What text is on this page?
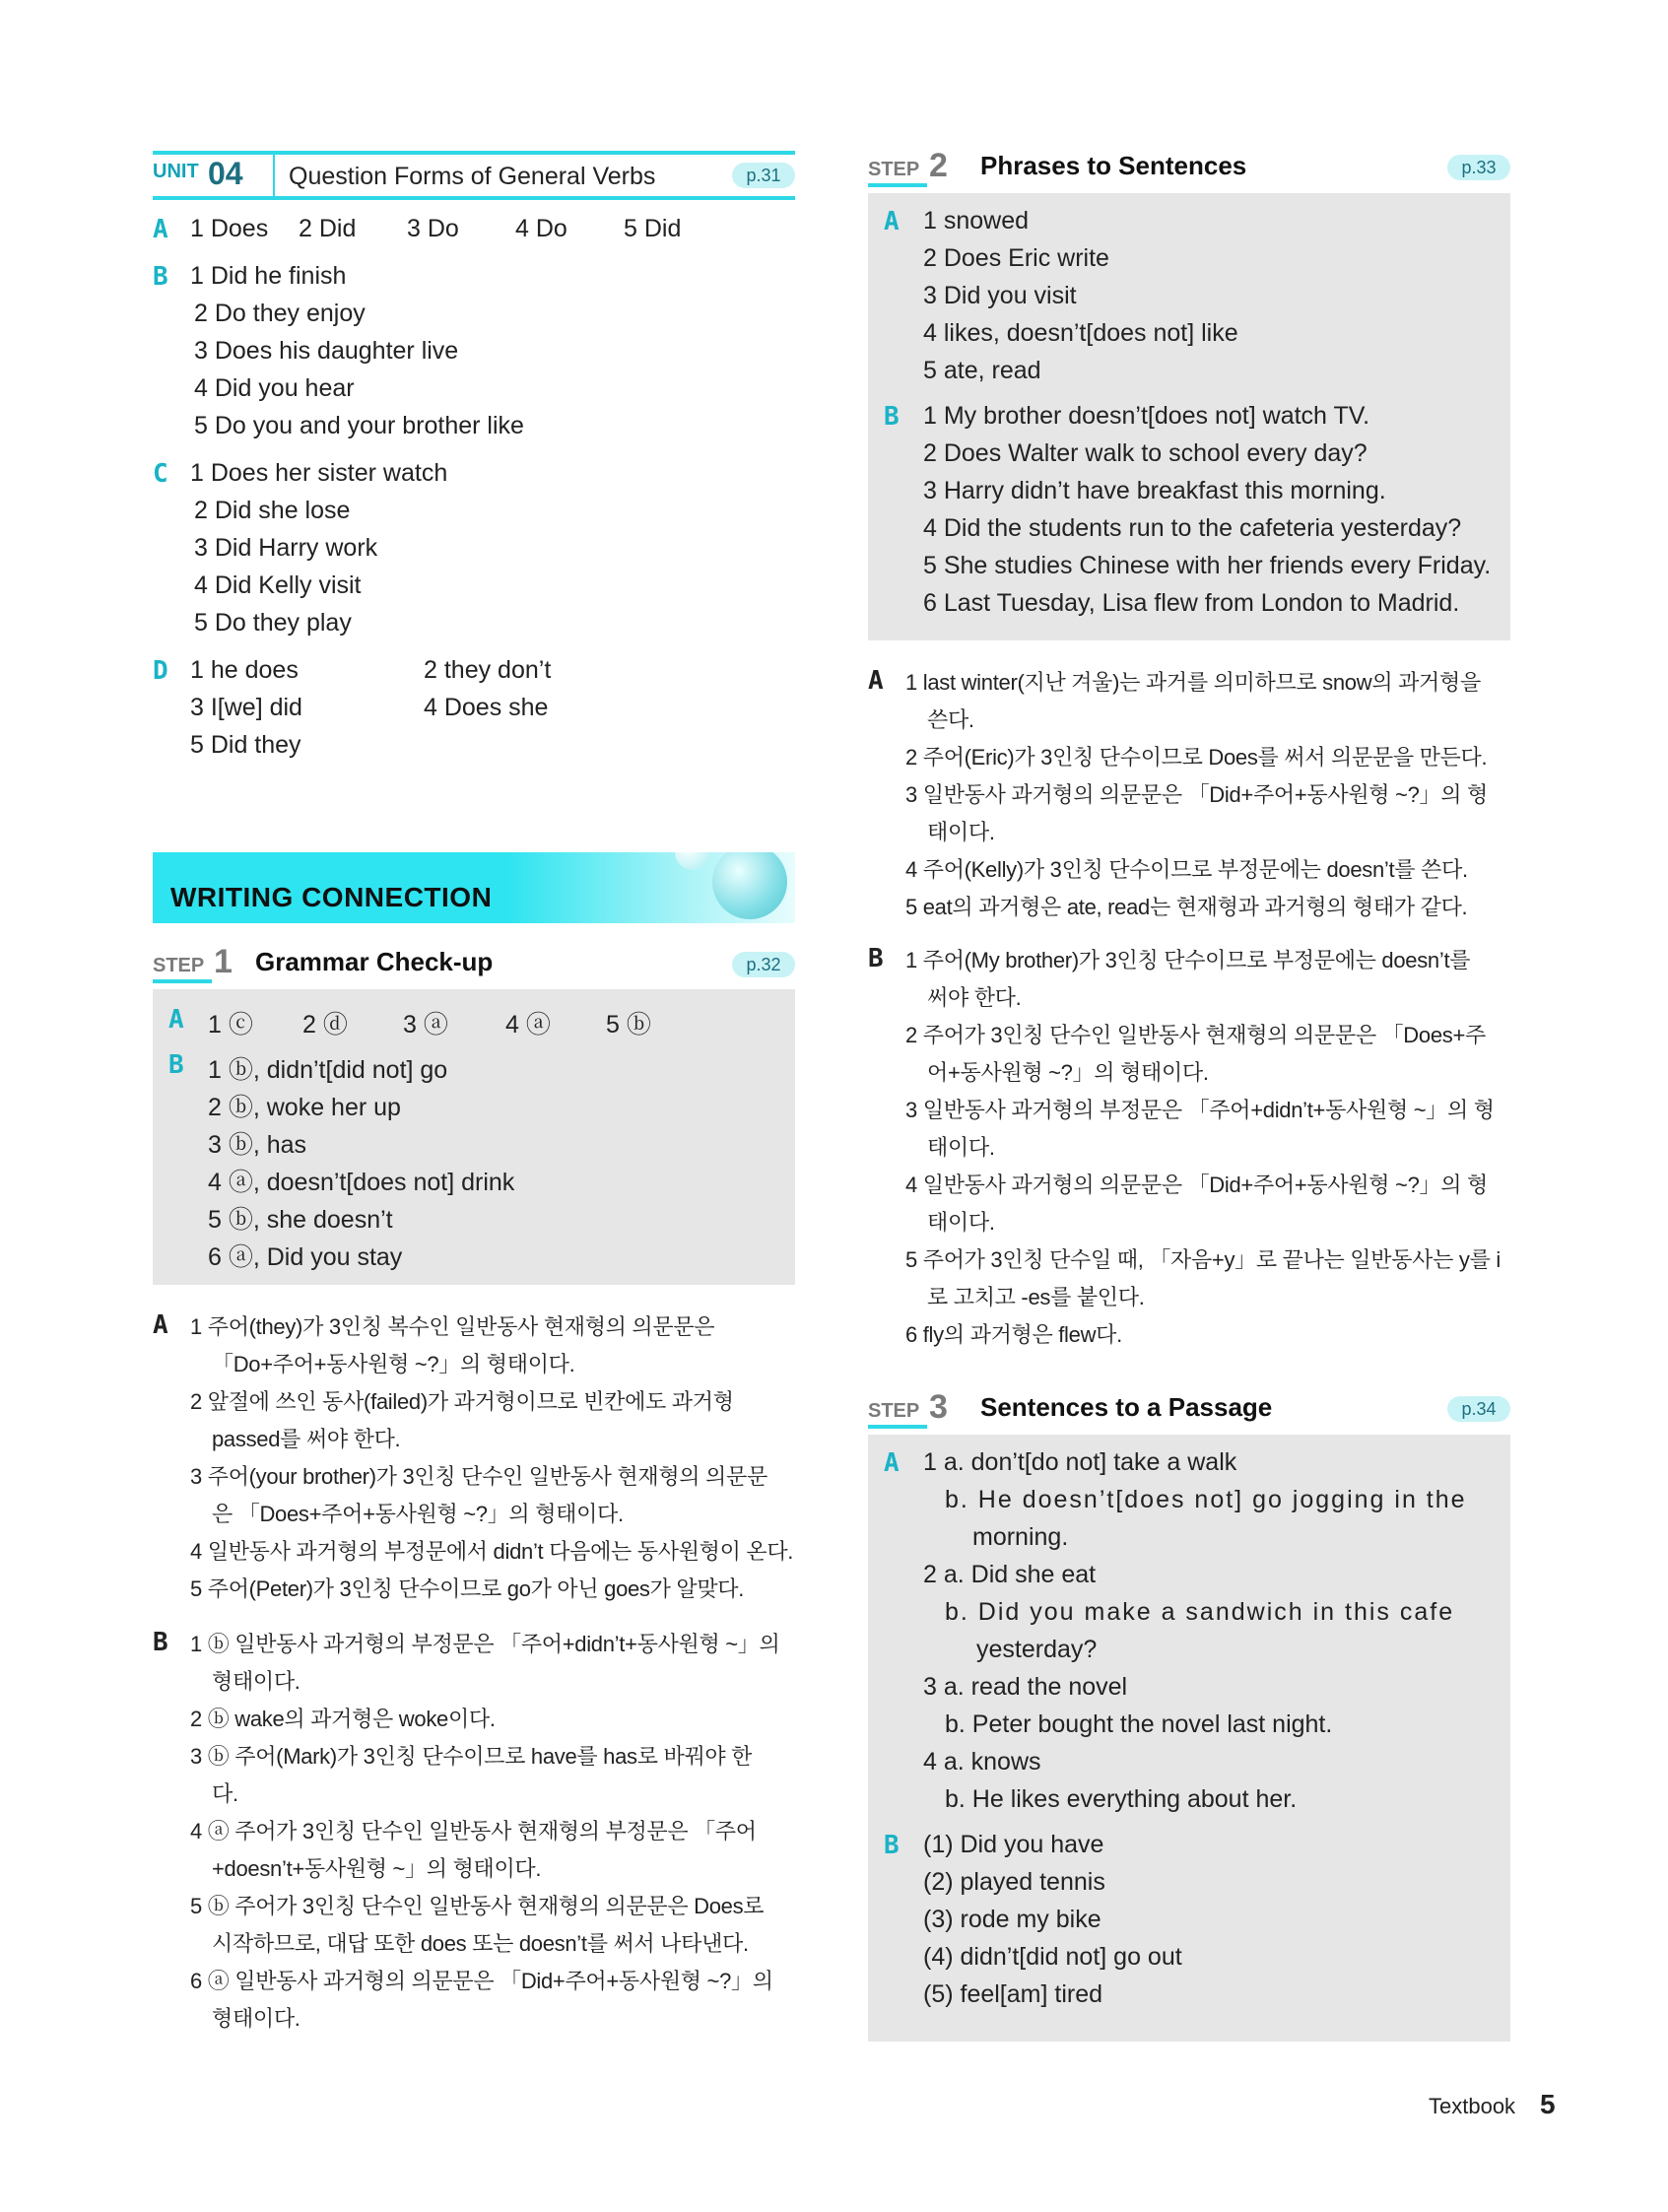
UNIT 04 Question Forms of General Verbs	p.31
A 1 Does 2 Did 3 Do 4 Do 5 Did
B 1 Did he finish
2 Do they enjoy
3 Does his daughter live
4 Did you hear
5 Do you and your brother like
C 1 Does her sister watch
2 Did she lose
3 Did Harry work
4 Did Kelly visit
5 Do they play
D 1 he does	2 they don’t
3 I[we] did	4 Does she
5 Did they
WRITING CONNECTION
STEP 1 Grammar Check-up	p.32
A 1 ⓒ 2 ⓓ 3 ⓐ 4 ⓐ 5 ⓑ
B 1 ⓑ, didn’t[did not] go
2 ⓑ, woke her up
3 ⓑ, has
4 ⓐ, doesn’t[does not] drink
5 ⓑ, she doesn’t
6 ⓐ, Did you stay
A 1 주어(they)가 3인칭 복수인 일반동사 현재형의 의문문은
「Do+주어+동사원형 ~?」의 형태이다.
2 앞절에 쓰인 동사(failed)가 과거형이므로 빈칸에도 과거형
passed를 써야 한다.
3 주어(your brother)가 3인칭 단수인 일반동사 현재형의 의문문
은 「Does+주어+동사원형 ~?」의 형태이다.
4 일반동사 과거형의 부정문에서 didn’t 다음에는 동사원형이 온다.
5 주어(Peter)가 3인칭 단수이므로 go가 아닌 goes가 알맞다.
B 1 ⓑ 일반동사 과거형의 부정문은 「주어+didn’t+동사원형 ~」의
형태이다.
2 ⓑ wake의 과거형은 woke이다.
3 ⓑ 주어(Mark)가 3인칭 단수이므로 have를 has로 바꿔야 한
다.
4 ⓐ 주어가 3인칭 단수인 일반동사 현재형의 부정문은 「주어
+doesn’t+동사원형 ~」의 형태이다.
5 ⓑ 주어가 3인칭 단수인 일반동사 현재형의 의문문은 Does로
시작하므로, 대답 또한 does 또는 doesn’t를 써서 나타낸다.
6 ⓐ 일반동사 과거형의 의문문은 「Did+주어+동사원형 ~?」의
형태이다.
STEP 2 Phrases to Sentences	p.33
A 1 snowed
2 Does Eric write
3 Did you visit
4 likes, doesn’t[does not] like
5 ate, read
B 1 My brother doesn’t[does not] watch TV.
2 Does Walter walk to school every day?
3 Harry didn’t have breakfast this morning.
4 Did the students run to the cafeteria yesterday?
5 She studies Chinese with her friends every Friday.
6 Last Tuesday, Lisa flew from London to Madrid.
A 1 last winter(지난 겨울)는 과거를 의미하므로 snow의 과거형을
쓴다.
2 주어(Eric)가 3인칭 단수이므로 Does를 써서 의문문을 만든다.
3 일반동사 과거형의 의문문은 「Did+주어+동사원형 ~?」의 형
태이다.
4 주어(Kelly)가 3인칭 단수이므로 부정문에는 doesn’t를 쓴다.
5 eat의 과거형은 ate, read는 현재형과 과거형의 형태가 같다.
B 1 주어(My brother)가 3인칭 단수이므로 부정문에는 doesn’t를
써야 한다.
2 주어가 3인칭 단수인 일반동사 현재형의 의문문은 「Does+주
어+동사원형 ~?」의 형태이다.
3 일반동사 과거형의 부정문은 「주어+didn’t+동사원형 ~」의 형
태이다.
4 일반동사 과거형의 의문문은 「Did+주어+동사원형 ~?」의 형
태이다.
5 주어가 3인칭 단수일 때, 「자음+y」로 끝나는 일반동사는 y를 i
로 고치고 -es를 붙인다.
6 fly의 과거형은 flew다.
STEP 3 Sentences to a Passage	p.34
A 1 a. don’t[do not] take a walk
b. He doesn’t[does not] go jogging in the
morning.
2 a. Did she eat
b. Did you make a sandwich in this cafe
yesterday?
3 a. read the novel
b. Peter bought the novel last night.
4 a. knows
b. He likes everything about her.
B (1) Did you have
(2) played tennis
(3) rode my bike
(4) didn’t[did not] go out
(5) feel[am] tired
Textbook 5
